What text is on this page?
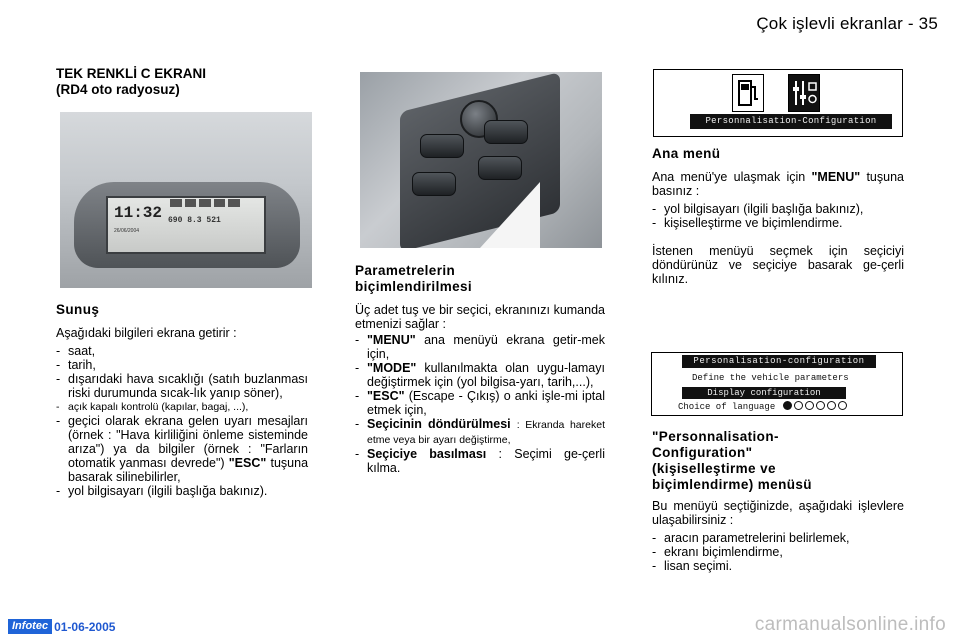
Çok işlevli ekranlar - 35
TEK RENKLİ C EKRANI
(RD4 oto radyosuz)
11:32
26/06/2004
690 8.3 521
Sunuş
Aşağıdaki bilgileri ekrana getirir :
- saat,
- tarih,
- dışarıdaki hava sıcaklığı (satıh buzlanması riski durumunda sıcak-lık yanıp söner),
- açık kapalı kontrolü (kapılar, bagaj, ...),
- geçici olarak ekrana gelen uyarı mesajları (örnek : "Hava kirliliğini önleme sisteminde arıza") ya da bilgiler (örnek : "Farların otomatik yanması devrede") "ESC" tuşuna basarak silinebilirler,
- yol bilgisayarı (ilgili başlığa bakınız).
Parametrelerin
biçimlendirilmesi
Üç adet tuş ve bir seçici, ekranınızı kumanda etmenizi sağlar :
- "MENU" ana menüyü ekrana getir-mek için,
- "MODE" kullanılmakta olan uygu-lamayı değiştirmek için (yol bilgisa-yarı, tarih,...),
- "ESC" (Escape - Çıkış) o anki işle-mi iptal etmek için,
- Seçicinin döndürülmesi : Ekranda hareket etme veya bir ayarı değiştirme,
- Seçiciye basılması : Seçimi ge-çerli kılma.
Personnalisation-Configuration
Ana menü
Ana menü'ye ulaşmak için "MENU" tuşuna basınız :
- yol bilgisayarı (ilgili başlığa bakınız),
- kişiselleştirme ve biçimlendirme.
İstenen menüyü seçmek için seçiciyi döndürünüz ve seçiciye basarak ge-çerli kılınız.
Personalisation-configuration
Define the vehicle parameters
Display configuration
Choice of language
"Personnalisation-
Configuration"
(kişiselleştirme ve
biçimlendirme) menüsü
Bu menüyü seçtiğinizde, aşağıdaki işlevlere ulaşabilirsiniz :
- aracın parametrelerini belirlemek,
- ekranı biçimlendirme,
- lisan seçimi.
Infotec 01-06-2005	carmanualsonline.info
